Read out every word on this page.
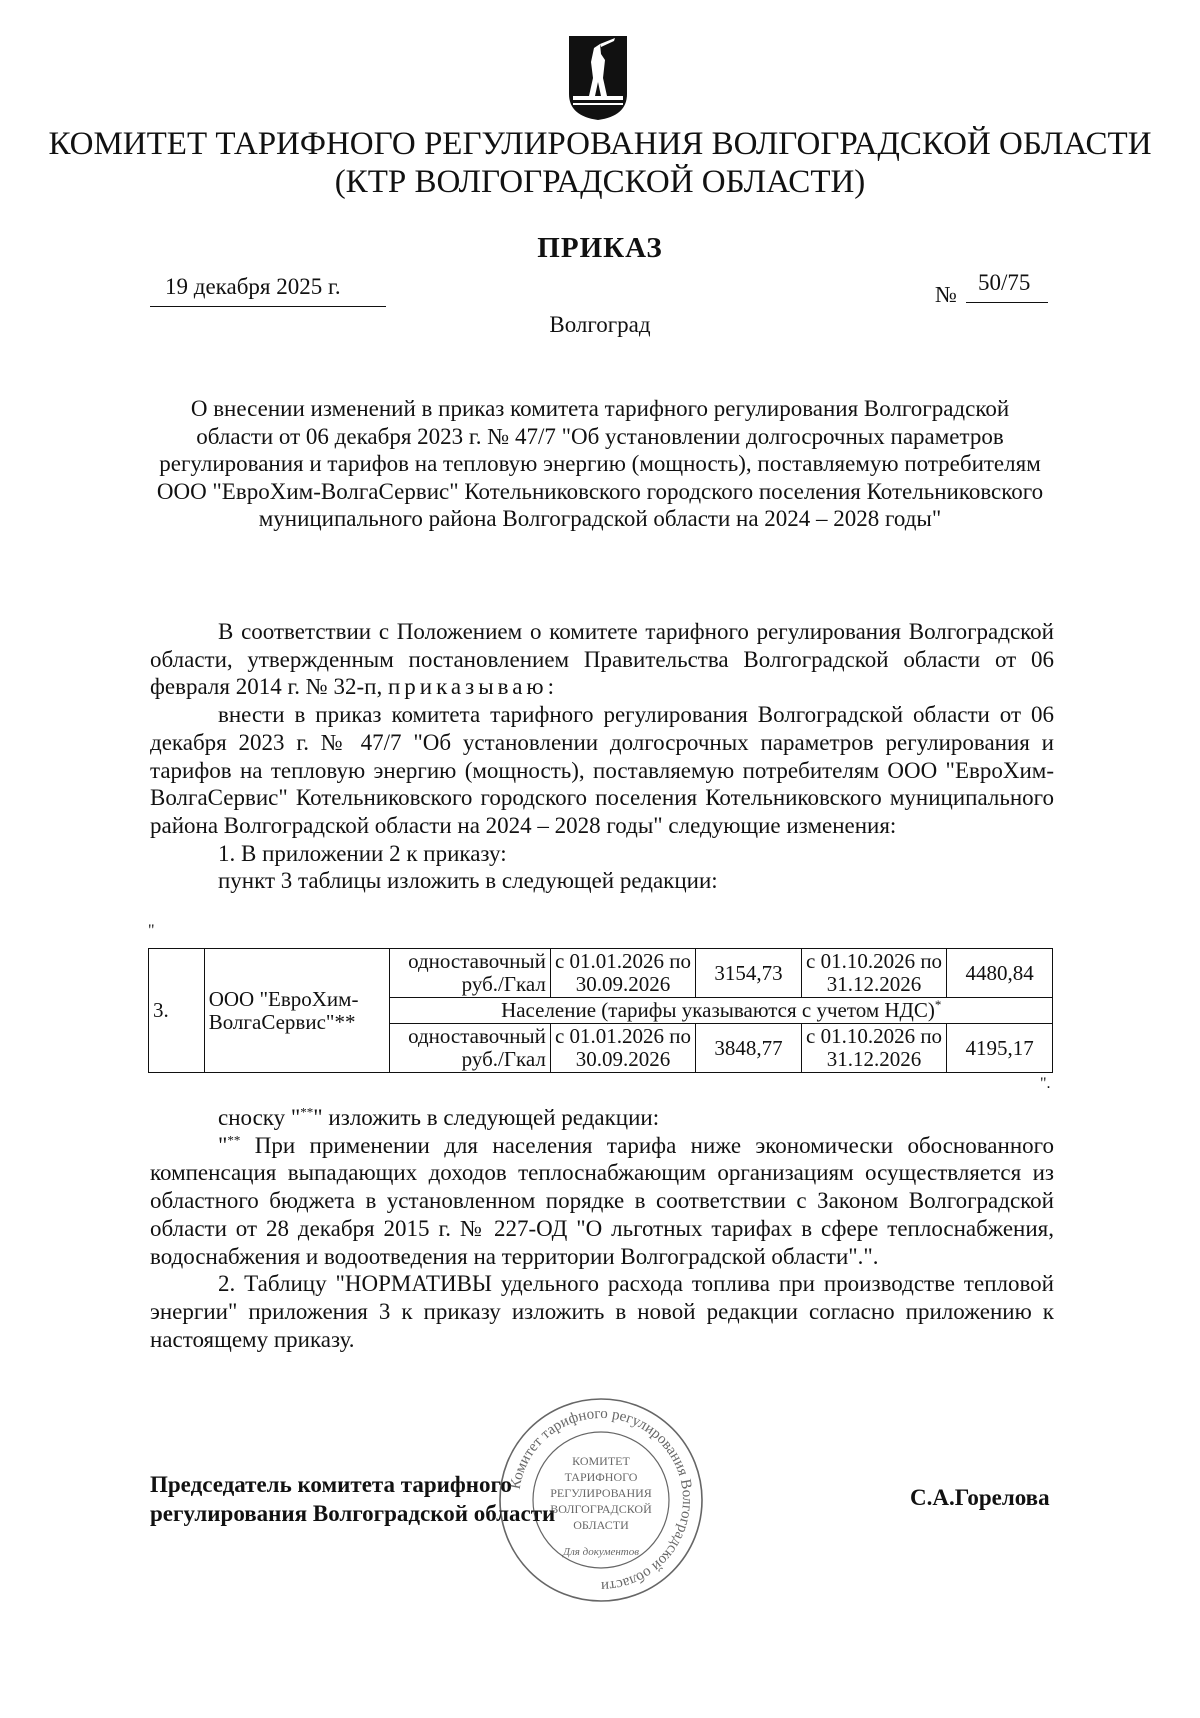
КОМИТЕТ ТАРИФНОГО РЕГУЛИРОВАНИЯ ВОЛГОГРАДСКОЙ ОБЛАСТИ
(КТР ВОЛГОГРАДСКОЙ ОБЛАСТИ)
ПРИКАЗ
19 декабря 2025 г.	№ 50/75
Волгоград
О внесении изменений в приказ комитета тарифного регулирования Волгоградской области от 06 декабря 2023 г. № 47/7 "Об установлении долгосрочных параметров регулирования и тарифов на тепловую энергию (мощность), поставляемую потребителям ООО "ЕвроХим-ВолгаСервис" Котельниковского городского поселения Котельниковского муниципального района Волгоградской области на 2024 – 2028 годы"

В соответствии с Положением о комитете тарифного регулирования Волгоградской области, утвержденным постановлением Правительства Волгоградской области от 06 февраля 2014 г. № 32-п, приказываю:

внести в приказ комитета тарифного регулирования Волгоградской области от 06 декабря 2023 г. № 47/7 "Об установлении долгосрочных параметров регулирования и тарифов на тепловую энергию (мощность), поставляемую потребителям ООО "ЕвроХим-ВолгаСервис" Котельниковского городского поселения Котельниковского муниципального района Волгоградской области на 2024 – 2028 годы" следующие изменения:

1. В приложении 2 к приказу:

пункт 3 таблицы изложить в следующей редакции:

"
3.	ООО "ЕвроХим-ВолгаСервис"**	одноставочный руб./Гкал	с 01.01.2026 по 30.09.2026	3154,73	с 01.10.2026 по 31.12.2026	4480,84
		Население (тарифы указываются с учетом НДС)*
		одноставочный руб./Гкал	с 01.01.2026 по 30.09.2026	3848,77	с 01.10.2026 по 31.12.2026	4195,17
".

сноску "**" изложить в следующей редакции:

"** При применении для населения тарифа ниже экономически обоснованного компенсация выпадающих доходов теплоснабжающим организациям осуществляется из областного бюджета в установленном порядке в соответствии с Законом Волгоградской области от 28 декабря 2015 г. № 227-ОД "О льготных тарифах в сфере теплоснабжения, водоснабжения и водоотведения на территории Волгоградской области".".

2. Таблицу "НОРМАТИВЫ удельного расхода топлива при производстве тепловой энергии" приложения 3 к приказу изложить в новой редакции согласно приложению к настоящему приказу.

Председатель комитета тарифного
регулирования Волгоградской области
С.А.Горелова
Комитет тарифного регулирования Волгоградской области
КОМИТЕТ
ТАРИФНОГО
РЕГУЛИРОВАНИЯ
ВОЛГОГРАДСКОЙ
ОБЛАСТИ
Для документов
